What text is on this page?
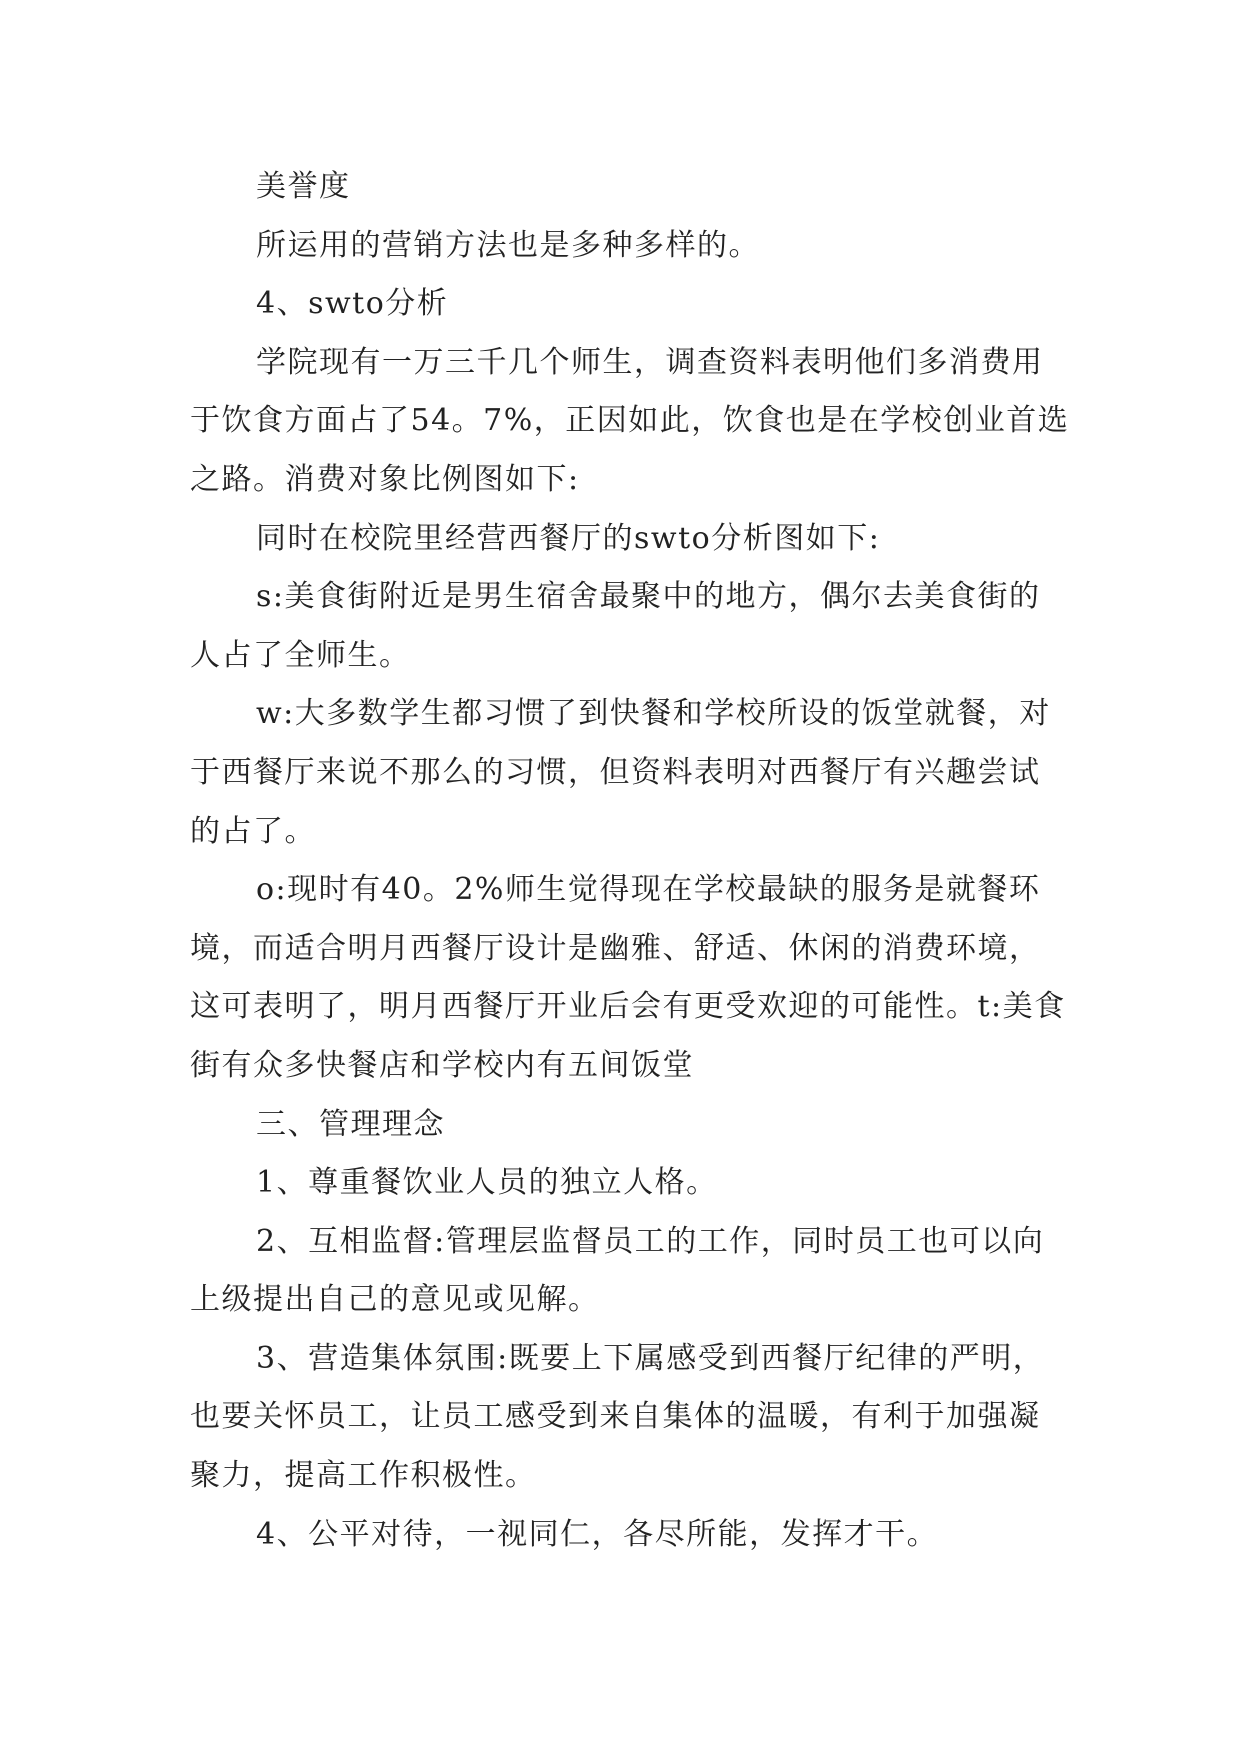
美誉度

所运用的营销方法也是多种多样的。

4、swto分析

学院现有一万三千几个师生，调查资料表明他们多消费用于饮食方面占了54。7%，正因如此，饮食也是在学校创业首选之路。消费对象比例图如下:

同时在校院里经营西餐厅的swto分析图如下:

s:美食街附近是男生宿舍最聚中的地方，偶尔去美食街的人占了全师生。

w:大多数学生都习惯了到快餐和学校所设的饭堂就餐，对于西餐厅来说不那么的习惯，但资料表明对西餐厅有兴趣尝试的占了。

o:现时有40。2%师生觉得现在学校最缺的服务是就餐环境，而适合明月西餐厅设计是幽雅、舒适、休闲的消费环境，这可表明了，明月西餐厅开业后会有更受欢迎的可能性。t:美食街有众多快餐店和学校内有五间饭堂

三、管理理念

1、尊重餐饮业人员的独立人格。

2、互相监督:管理层监督员工的工作，同时员工也可以向上级提出自己的意见或见解。

3、营造集体氛围:既要上下属感受到西餐厅纪律的严明，也要关怀员工，让员工感受到来自集体的温暖，有利于加强凝聚力，提高工作积极性。

4、公平对待，一视同仁，各尽所能，发挥才干。
